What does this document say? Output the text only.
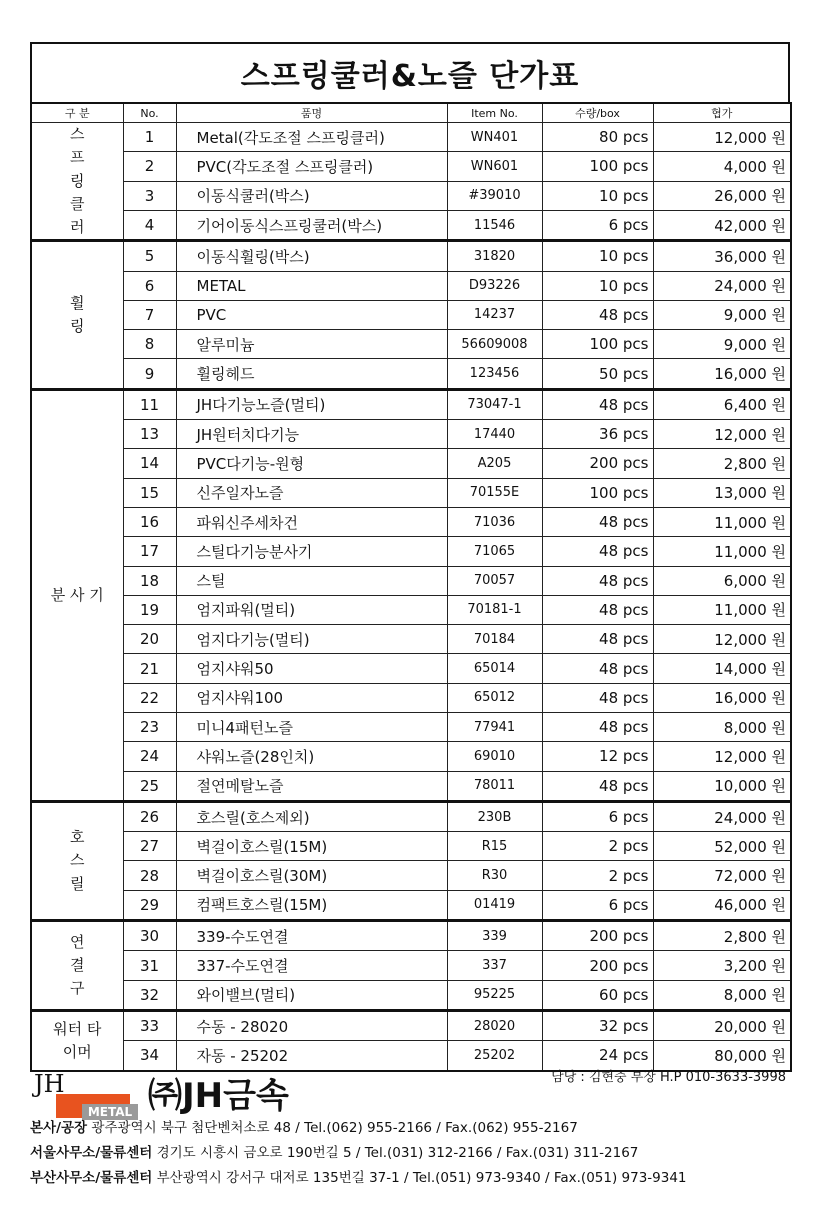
스프링쿨러&노즐 단가표
구 분	No.	품명	Item No.	수량/box	협가

스프링클러	1	Metal(각도조절 스프링클러)	WN401	80 pcs	12,000 원
	2	PVC(각도조절 스프링클러)	WN601	100 pcs	4,000 원
	3	이동식쿨러(박스)	#39010	10 pcs	26,000 원
	4	기어이동식스프링쿨러(박스)	11546	6 pcs	42,000 원

휠 링	5	이동식휠링(박스)	31820	10 pcs	36,000 원
	6	METAL	D93226	10 pcs	24,000 원
	7	PVC	14237	48 pcs	9,000 원
	8	알루미늄	56609008	100 pcs	9,000 원
	9	휠링헤드	123456	50 pcs	16,000 원

분 사 기	11	JH다기능노즐(멀티)	73047-1	48 pcs	6,400 원
	13	JH원터치다기능	17440	36 pcs	12,000 원
	14	PVC다기능-원형	A205	200 pcs	2,800 원
	15	신주일자노즐	70155E	100 pcs	13,000 원
	16	파워신주세차건	71036	48 pcs	11,000 원
	17	스틸다기능분사기	71065	48 pcs	11,000 원
	18	스틸	70057	48 pcs	6,000 원
	19	엄지파워(멀티)	70181-1	48 pcs	11,000 원
	20	엄지다기능(멀티)	70184	48 pcs	12,000 원
	21	엄지샤워50	65014	48 pcs	14,000 원
	22	엄지샤워100	65012	48 pcs	16,000 원
	23	미니4패턴노즐	77941	48 pcs	8,000 원
	24	샤워노즐(28인치)	69010	12 pcs	12,000 원
	25	절연메탈노즐	78011	48 pcs	10,000 원

호스릴	26	호스릴(호스제외)	230B	6 pcs	24,000 원
	27	벽걸이호스릴(15M)	R15	2 pcs	52,000 원
	28	벽걸이호스릴(30M)	R30	2 pcs	72,000 원
	29	컴팩트호스릴(15M)	01419	6 pcs	46,000 원

연결구	30	339-수도연결	339	200 pcs	2,800 원
	31	337-수도연결	337	200 pcs	3,200 원
	32	와이밸브(멀티)	95225	60 pcs	8,000 원

워터 타이머	33	수동 - 28020	28020	32 pcs	20,000 원
	34	자동 - 25202	25202	24 pcs	80,000 원
JH
METAL ㈜JH금속	담당 : 김현중 부장 H.P 010-3633-3998
본사/공장 광주광역시 북구 첨단벤처소로 48 / Tel.(062) 955-2166 / Fax.(062) 955-2167
서울사무소/물류센터 경기도 시흥시 금오로 190번길 5 / Tel.(031) 312-2166 / Fax.(031) 311-2167
부산사무소/물류센터 부산광역시 강서구 대저로 135번길 37-1 / Tel.(051) 973-9340 / Fax.(051) 973-9341
